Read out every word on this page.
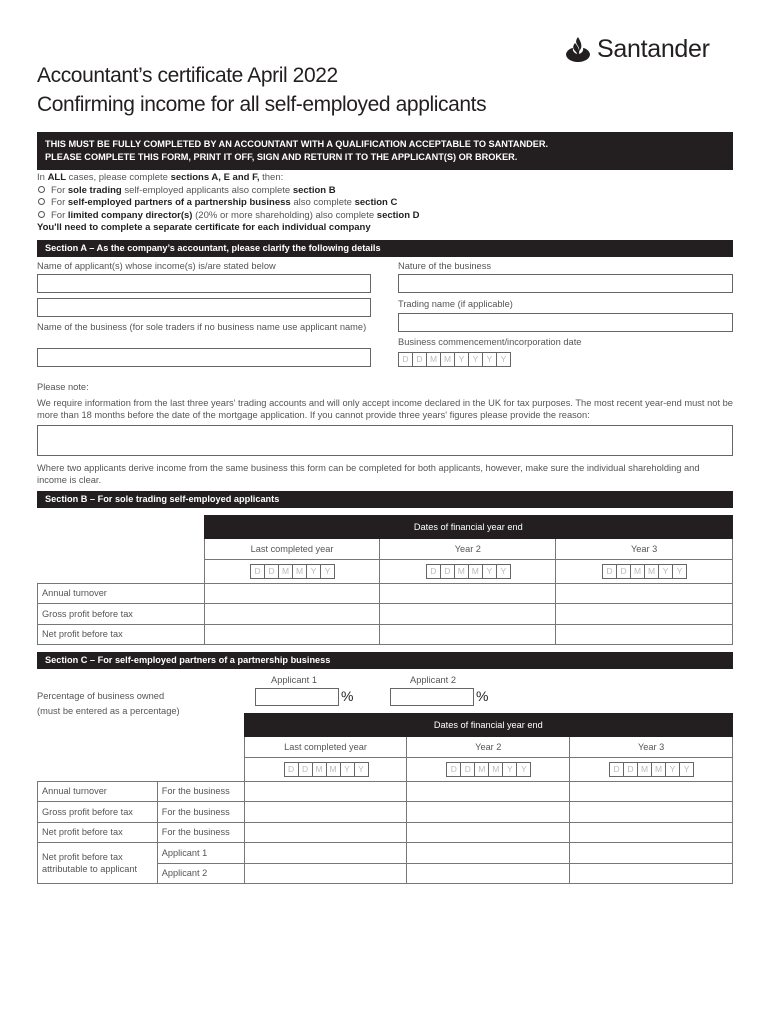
Santander
Accountant’s certificate April 2022
Confirming income for all self-employed applicants
THIS MUST BE FULLY COMPLETED BY AN ACCOUNTANT WITH A QUALIFICATION ACCEPTABLE TO SANTANDER.
PLEASE COMPLETE THIS FORM, PRINT IT OFF, SIGN AND RETURN IT TO THE APPLICANT(S) OR BROKER.
In ALL cases, please complete sections A, E and F, then:
For sole trading self-employed applicants also complete section B
For self-employed partners of a partnership business also complete section C
For limited company director(s) (20% or more shareholding) also complete section D
You'll need to complete a separate certificate for each individual company
Section A – As the company’s accountant, please clarify the following details
Name of applicant(s) whose income(s) is/are stated below
Name of the business (for sole traders if no business name use applicant name)
Nature of the business
Trading name (if applicable)
Business commencement/incorporation date
D D M M Y Y Y Y
Please note:
We require information from the last three years' trading accounts and will only accept income declared in the UK for tax purposes. The most recent year-end must not be more than 18 months before the date of the mortgage application. If you cannot provide three years' figures please provide the reason:
Where two applicants derive income from the same business this form can be completed for both applicants, however, make sure the individual shareholding and income is clear.
Section B – For sole trading self-employed applicants
	Dates of financial year end		
	Last completed year	Year 2	Year 3

D D M M Y Y	D D M M Y Y	D D M M Y Y

Annual turnover			
Gross profit before tax			
Net profit before tax			
Section C – For self-employed partners of a partnership business
Applicant 1	Applicant 2
Percentage of business owned
(must be entered as a percentage)
%	%
		Dates of financial year end		
		Last completed year	Year 2	Year 3

D D M M Y Y	D D M M Y Y	D D M M Y Y

Annual turnover	For the business			
Gross profit before tax	For the business			
Net profit before tax	For the business			
Net profit before tax attributable to applicant	Applicant 1			
	Applicant 2			
